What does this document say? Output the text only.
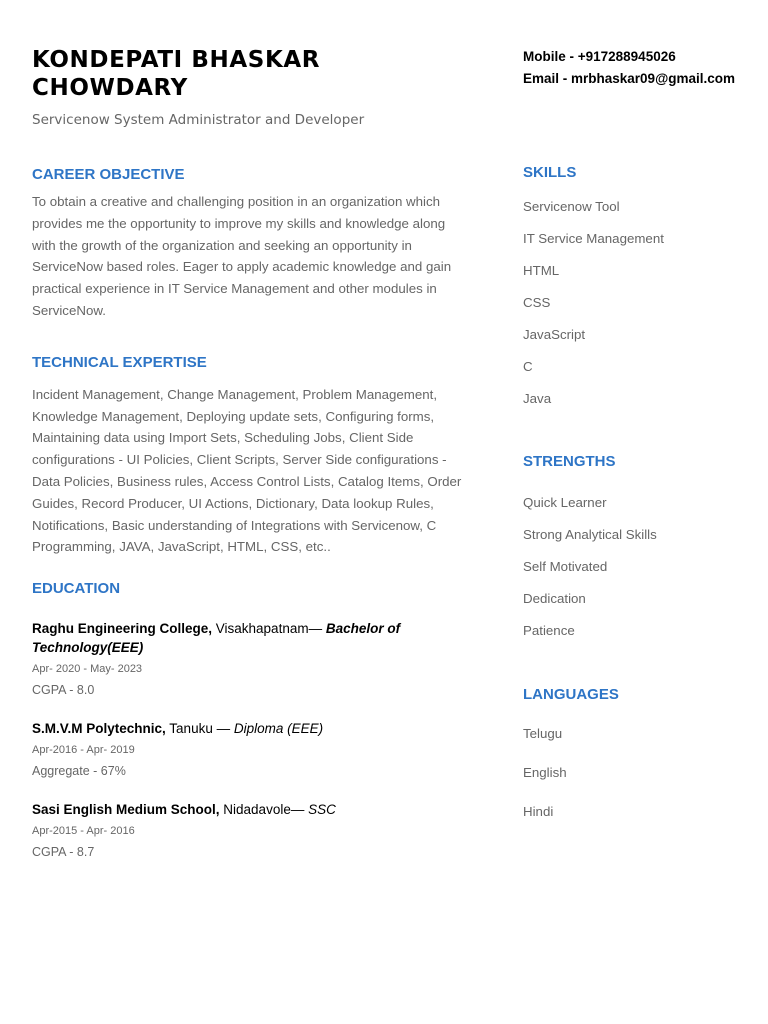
KONDEPATI BHASKAR CHOWDARY
Servicenow System Administrator and Developer
CAREER OBJECTIVE

To obtain a creative and challenging position in an organization which provides me the opportunity to improve my skills and knowledge along with the growth of the organization and seeking an opportunity in ServiceNow based roles. Eager to apply academic knowledge and gain practical experience in IT Service Management and other modules in ServiceNow.

TECHNICAL EXPERTISE

Incident Management, Change Management, Problem Management, Knowledge Management, Deploying update sets, Configuring forms, Maintaining data using Import Sets, Scheduling Jobs, Client Side configurations - UI Policies, Client Scripts, Server Side configurations - Data Policies, Business rules, Access Control Lists, Catalog Items, Order Guides, Record Producer, UI Actions, Dictionary, Data lookup Rules, Notifications, Basic understanding of Integrations with Servicenow, C Programming, JAVA, JavaScript, HTML, CSS, etc..

EDUCATION
Raghu Engineering College, Visakhapatnam— Bachelor of Technology(EEE)
Apr- 2020 - May- 2023
CGPA - 8.0
S.M.V.M Polytechnic, Tanuku — Diploma (EEE)
Apr-2016 - Apr- 2019
Aggregate - 67%
Sasi English Medium School, Nidadavole— SSC
Apr-2015 - Apr- 2016
CGPA - 8.7
Mobile - +917288945026
Email - mrbhaskar09@gmail.com
SKILLS
Servicenow Tool
IT Service Management
HTML
CSS
JavaScript
C
Java
STRENGTHS
Quick Learner
Strong Analytical Skills
Self Motivated
Dedication
Patience
LANGUAGES
Telugu
English
Hindi
